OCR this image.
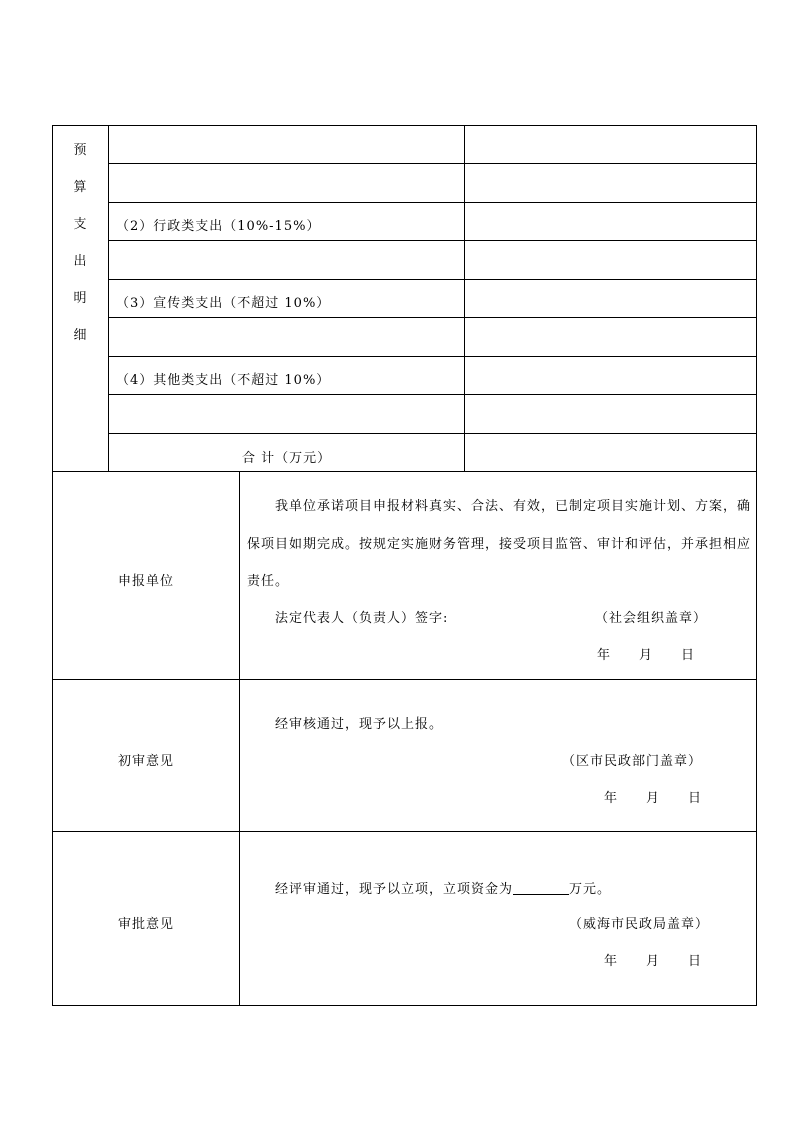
预
算
支
出
明
细
（2）行政类支出（10%-15%）
（3）宣传类支出（不超过 10%）
（4）其他类支出（不超过 10%）
合 计（万元）
申报单位
我单位承诺项目申报材料真实、合法、有效，已制定项目实施计划、方案，确
保项目如期完成。按规定实施财务管理，接受项目监管、审计和评估，并承担相应
责任。
法定代表人（负责人）签字:	（社会组织盖章）
年　　月　　日
初审意见
经审核通过，现予以上报。
（区市民政部门盖章）
年　　月　　日
审批意见
经评审通过，现予以立项，立项资金为	万元。
（威海市民政局盖章）
年　　月　　日
